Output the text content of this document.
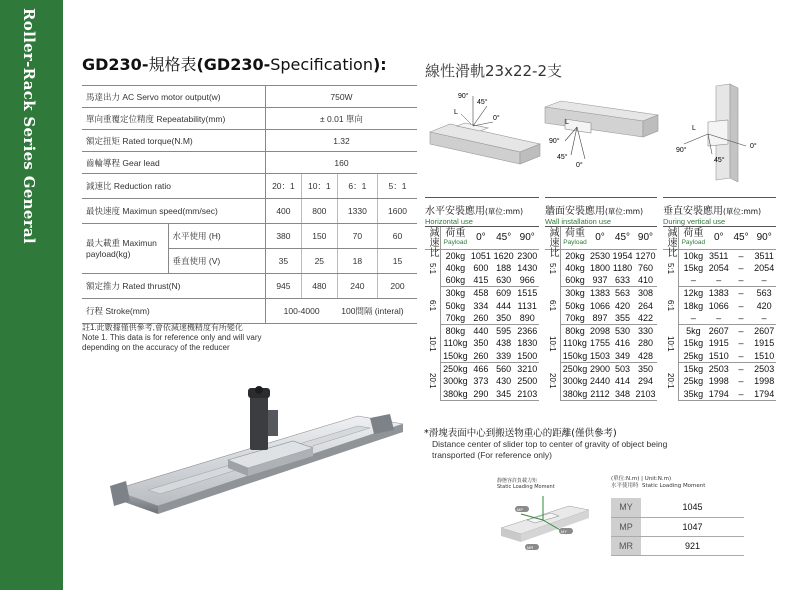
Roller-Rack Series General	GD230-規格表(GD230-Specification):	線性滑軌23x22-2支
馬達出力 AC Servo motor output(w)		750W			
單向重覆定位精度 Repeatability(mm)		± 0.01 單向			
額定扭矩 Rated torque(N.M)		1.32			
齒輪導程 Gear lead		160			
減速比 Reduction ratio		20：1	10：1	6：1	5：1
最快速度 Maximun speed(mm/sec)		400	800	1330	1600
最大載重 Maximun payload(kg)	水平使用 (H)	380	150	70	60
	垂直使用 (V)	35	25	18	15
額定推力 Rated thrust(N)		945	480	240	200
行程 Stroke(mm)		100-4000		100間隔 (interal)	
註1.此數據僅供參考,會依減速機精度有所變化
Note 1. This data is for reference only and will vary
depending on the accuracy of the reducer
90°
45°
0°
L
90°
45°
0°
L
90°
45°
0°
L
水平安裝應用(單位:mm)
Horizontal use
減速比	荷重
Payload	0°	45°	90°
5:1	20kg	1051	1620	2300
	40kg	600	188	1430
	60kg	415	630	966
6:1	30kg	458	609	1515
	50kg	334	444	1131
	70kg	260	350	890
10:1	80kg	440	595	2366
	110kg	350	438	1830
	150kg	260	339	1500
20:1	250kg	466	560	3210
	300kg	373	430	2500
	380kg	290	345	2103
牆面安裝應用(單位:mm)
Wall installation use
減速比	荷重
Payload	0°	45°	90°
5:1	20kg	2530	1954	1270
	40kg	1800	1180	760
	60kg	937	633	410
6:1	30kg	1383	563	308
	50kg	1066	420	264
	70kg	897	355	422
10:1	80kg	2098	530	330
	110kg	1755	416	280
	150kg	1503	349	428
20:1	250kg	2900	503	350
	300kg	2440	414	294
	380kg	2112	348	2103
垂直安裝應用(單位:mm)
During vertical use
減速比	荷重
Payload	0°	45°	90°
5:1	10kg	3511	–	3511
	15kg	2054	–	2054
	–	–	–	–
6:1	12kg	1383	–	563
	18kg	1066	–	420
	–	–	–	–
10:1	5kg	2607	–	2607
	15kg	1915	–	1915
	25kg	1510	–	1510
20:1	15kg	2503	–	2503
	25kg	1998	–	1998
	35kg	1794	–	1794
*滑塊表面中心到搬送物重心的距離(僅供參考)
Distance center of slider top to center of gravity of object being
transported (For reference only)
靜態容許負載力矩
Static Loading Moment
MP
MY
MR
(單位:N.m) | Unit:N.m)
水平使用時 Static Loading Moment
MY	1045
MP	1047
MR	921
